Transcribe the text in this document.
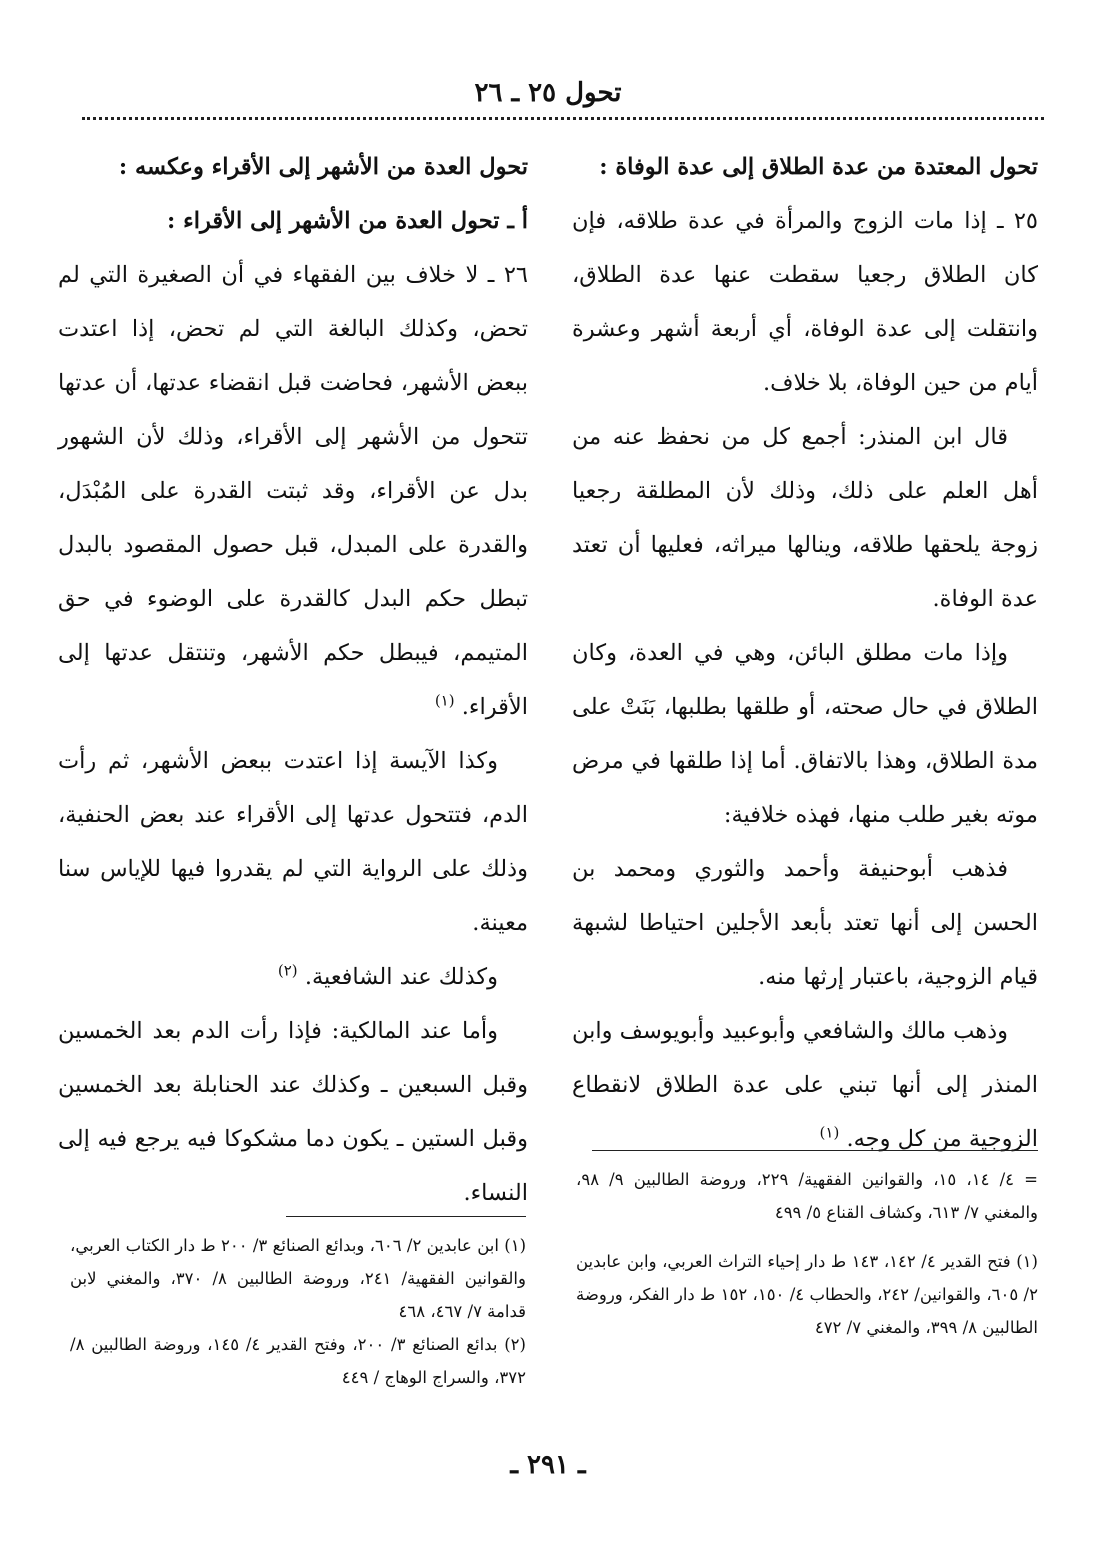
تحول ٢٥ ـ ٢٦

تحول المعتدة من عدة الطلاق إلى عدة الوفاة :

٢٥ ـ إذا مات الزوج والمرأة في عدة طلاقه، فإن كان الطلاق رجعيا سقطت عنها عدة الطلاق، وانتقلت إلى عدة الوفاة، أي أربعة أشهر وعشرة أيام من حين الوفاة، بلا خلاف.

قال ابن المنذر: أجمع كل من نحفظ عنه من أهل العلم على ذلك، وذلك لأن المطلقة رجعيا زوجة يلحقها طلاقه، وينالها ميراثه، فعليها أن تعتد عدة الوفاة.

وإذا مات مطلق البائن، وهي في العدة، وكان الطلاق في حال صحته، أو طلقها بطلبها، بَنَتْ على مدة الطلاق، وهذا بالاتفاق. أما إذا طلقها في مرض موته بغير طلب منها، فهذه خلافية:

فذهب أبوحنيفة وأحمد والثوري ومحمد بن الحسن إلى أنها تعتد بأبعد الأجلين احتياطا لشبهة قيام الزوجية، باعتبار إرثها منه.

وذهب مالك والشافعي وأبوعبيد وأبويوسف وابن المنذر إلى أنها تبني على عدة الطلاق لانقطاع الزوجية من كل وجه. $^{(١)}$

تحول العدة من الأشهر إلى الأقراء وعكسه :

أ ـ تحول العدة من الأشهر إلى الأقراء :

٢٦ ـ لا خلاف بين الفقهاء في أن الصغيرة التي لم تحض، وكذلك البالغة التي لم تحض، إذا اعتدت ببعض الأشهر، فحاضت قبل انقضاء عدتها، أن عدتها تتحول من الأشهر إلى الأقراء، وذلك لأن الشهور بدل عن الأقراء، وقد ثبتت القدرة على المُبْدَل، والقدرة على المبدل، قبل حصول المقصود بالبدل تبطل حكم البدل كالقدرة على الوضوء في حق المتيمم، فيبطل حكم الأشهر، وتنتقل عدتها إلى الأقراء. $^{(١)}$

وكذا الآيسة إذا اعتدت ببعض الأشهر، ثم رأت الدم، فتتحول عدتها إلى الأقراء عند بعض الحنفية، وذلك على الرواية التي لم يقدروا فيها للإياس سنا معينة.

وكذلك عند الشافعية. $^{(٢)}$

وأما عند المالكية: فإذا رأت الدم بعد الخمسين وقبل السبعين ـ وكذلك عند الحنابلة بعد الخمسين وقبل الستين ـ يكون دما مشكوكا فيه يرجع فيه إلى النساء.

= ٤/ ١٤، ١٥، والقوانين الفقهية/ ٢٢٩، وروضة الطالبين ٩/ ٩٨، والمغني ٧/ ٦١٣، وكشاف القناع ٥/ ٤٩٩

(١) فتح القدير ٤/ ١٤٢، ١٤٣ ط دار إحياء التراث العربي، وابن عابدين ٢/ ٦٠٥، والقوانين/ ٢٤٢، والحطاب ٤/ ١٥٠، ١٥٢ ط دار الفكر، وروضة الطالبين ٨/ ٣٩٩، والمغني ٧/ ٤٧٢

(١) ابن عابدين ٢/ ٦٠٦، وبدائع الصنائع ٣/ ٢٠٠ ط دار الكتاب العربي، والقوانين الفقهية/ ٢٤١، وروضة الطالبين ٨/ ٣٧٠، والمغني لابن قدامة ٧/ ٤٦٧، ٤٦٨

(٢) بدائع الصنائع ٣/ ٢٠٠، وفتح القدير ٤/ ١٤٥، وروضة الطالبين ٨/ ٣٧٢، والسراج الوهاج / ٤٤٩

ـ ٢٩١ ـ
